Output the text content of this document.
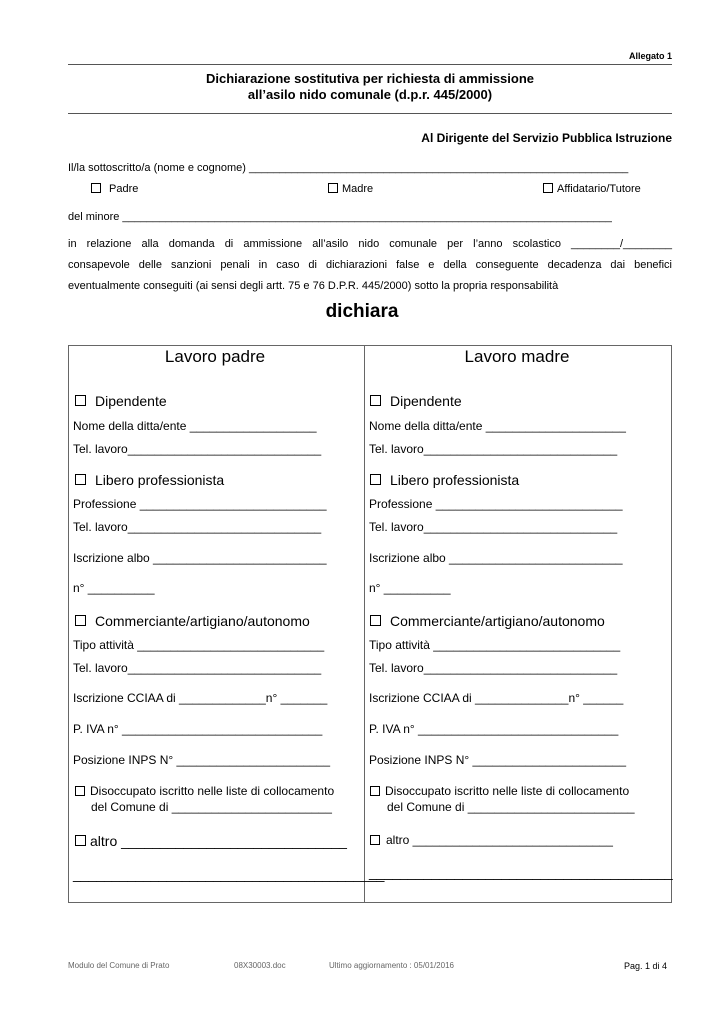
Allegato 1
Dichiarazione sostitutiva per richiesta di ammissione
all’asilo nido comunale (d.p.r. 445/2000)
Al Dirigente del Servizio Pubblica Istruzione
Il/la sottoscritto/a (nome e cognome) ______________________________________________________________
Padre	Madre	Affidatario/Tutore
del minore ________________________________________________________________________________
in relazione alla domanda di ammissione all’asilo nido comunale per l’anno scolastico ________/________
consapevole delle sanzioni penali in caso di dichiarazioni false e della conseguente decadenza dai benefici
eventualmente conseguiti (ai sensi degli artt. 75 e 76 D.P.R. 445/2000) sotto la propria responsabilità
dichiara
Lavoro padre
Dipendente
Nome della ditta/ente ___________________
Tel. lavoro_____________________________
Libero professionista
Professione ____________________________
Tel. lavoro_____________________________
Iscrizione albo __________________________
n° __________
Commerciante/artigiano/autonomo
Tipo attività ____________________________
Tel. lavoro_____________________________
Iscrizione CCIAA di _____________n° _______
P. IVA n° ______________________________
Posizione INPS N° _______________________
Disoccupato iscritto nelle liste di collocamento
del Comune di ________________________
altro _____________________________
________________________________________
Lavoro madre
Dipendente
Nome della ditta/ente _____________________
Tel. lavoro_____________________________
Libero professionista
Professione ____________________________
Tel. lavoro_____________________________
Iscrizione albo __________________________
n° __________
Commerciante/artigiano/autonomo
Tipo attività ____________________________
Tel. lavoro_____________________________
Iscrizione CCIAA di ______________n° ______
P. IVA n° ______________________________
Posizione INPS N° _______________________
Disoccupato iscritto nelle liste di collocamento
del Comune di _________________________
altro ______________________________
_______________________________________
Modulo del Comune di Prato	08X30003.doc	Ultimo aggiornamento : 05/01/2016	Pag. 1 di 4
